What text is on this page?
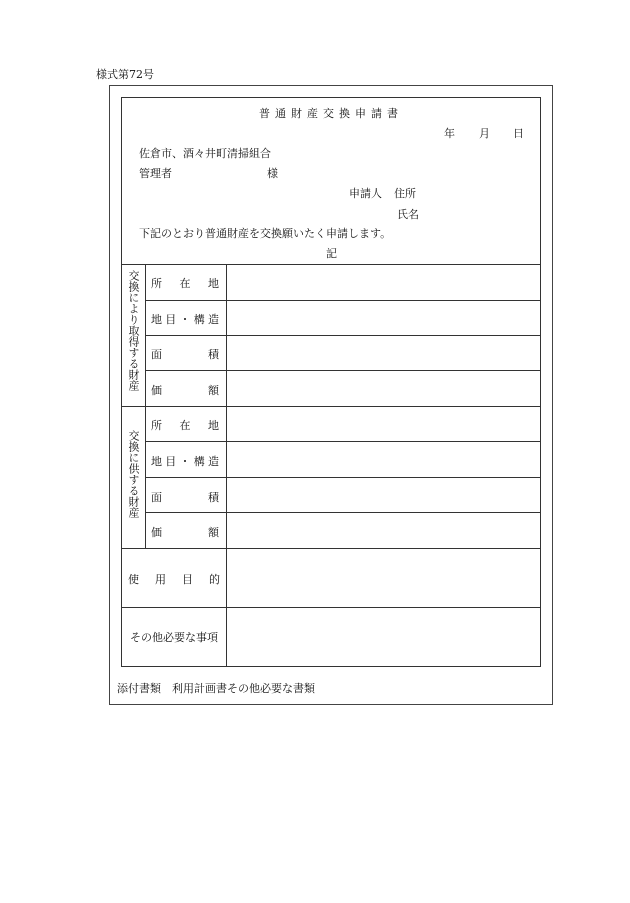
様式第72号
普通財産交換申請書
年 月 日
佐倉市、酒々井町清掃組合
管理者	様
申請人 住所
氏名
下記のとおり普通財産を交換願いたく申請します。
記
交換により取得する財産 所 在 地
地 目 ・ 構 造
面	積
価	額
交換に供する財産
所 在 地
地 目 ・ 構 造
面	積
価	額
使 用 目 的
その他必要な事項
添付書類　利用計画書その他必要な書類
